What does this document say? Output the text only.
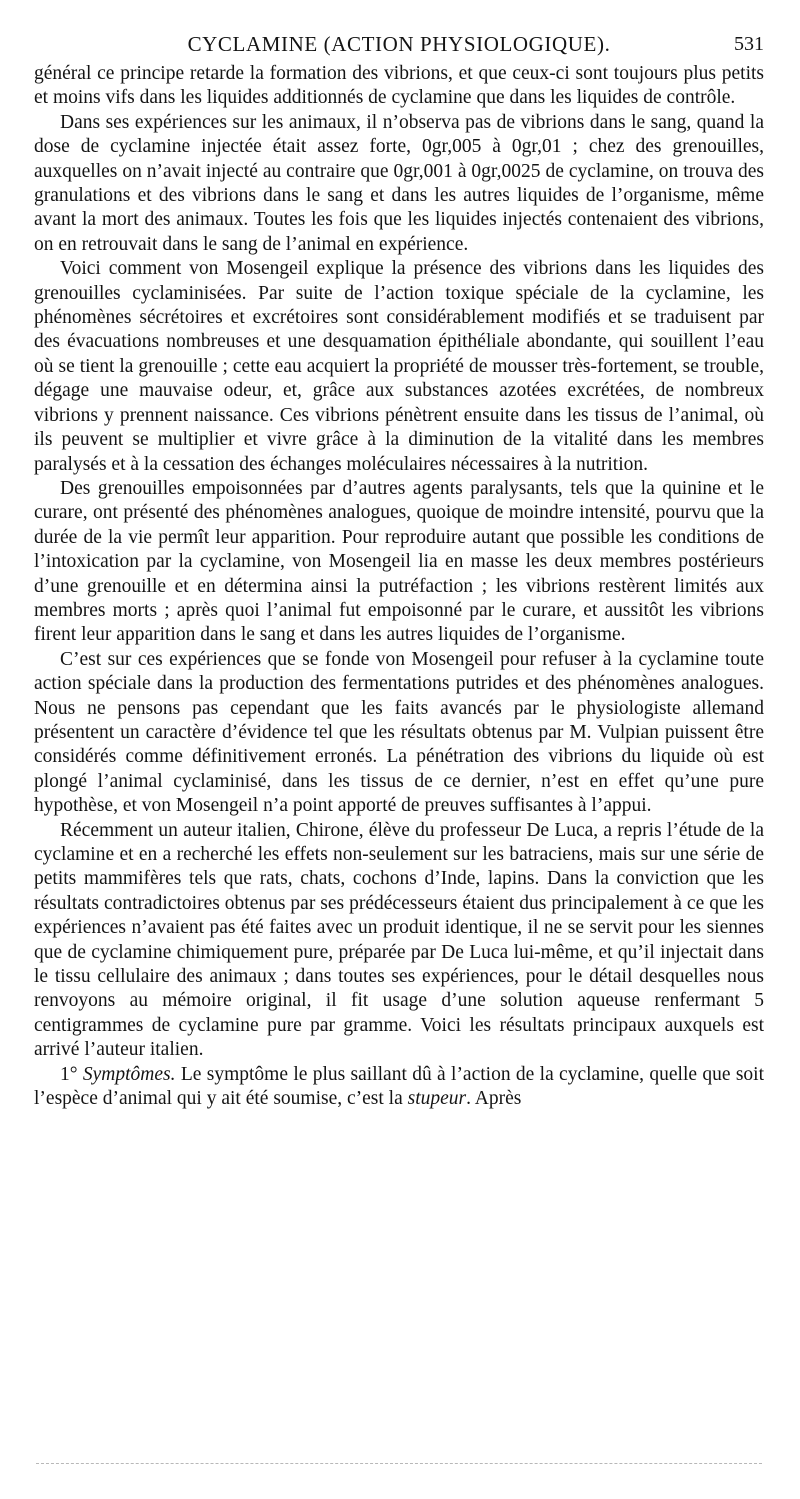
CYCLAMINE (ACTION PHYSIOLOGIQUE).	531

général ce principe retarde la formation des vibrions, et que ceux-ci sont toujours plus petits et moins vifs dans les liquides additionnés de cyclamine que dans les liquides de contrôle.

Dans ses expériences sur les animaux, il n’observa pas de vibrions dans le sang, quand la dose de cyclamine injectée était assez forte, 0gr,005 à 0gr,01 ; chez des grenouilles, auxquelles on n’avait injecté au contraire que 0gr,001 à 0gr,0025 de cyclamine, on trouva des granulations et des vibrions dans le sang et dans les autres liquides de l’organisme, même avant la mort des animaux. Toutes les fois que les liquides injectés contenaient des vibrions, on en retrouvait dans le sang de l’animal en expérience.

Voici comment von Mosengeil explique la présence des vibrions dans les liquides des grenouilles cyclaminisées. Par suite de l’action toxique spéciale de la cyclamine, les phénomènes sécrétoires et excrétoires sont considérablement modifiés et se traduisent par des évacuations nombreuses et une desquamation épithéliale abondante, qui souillent l’eau où se tient la grenouille ; cette eau acquiert la propriété de mousser très-fortement, se trouble, dégage une mauvaise odeur, et, grâce aux substances azotées excrétées, de nombreux vibrions y prennent naissance. Ces vibrions pénètrent ensuite dans les tissus de l’animal, où ils peuvent se multiplier et vivre grâce à la diminution de la vitalité dans les membres paralysés et à la cessation des échanges moléculaires nécessaires à la nutrition.

Des grenouilles empoisonnées par d’autres agents paralysants, tels que la quinine et le curare, ont présenté des phénomènes analogues, quoique de moindre intensité, pourvu que la durée de la vie permît leur apparition. Pour reproduire autant que possible les conditions de l’intoxication par la cyclamine, von Mosengeil lia en masse les deux membres postérieurs d’une grenouille et en détermina ainsi la putréfaction ; les vibrions restèrent limités aux membres morts ; après quoi l’animal fut empoisonné par le curare, et aussitôt les vibrions firent leur apparition dans le sang et dans les autres liquides de l’organisme.

C’est sur ces expériences que se fonde von Mosengeil pour refuser à la cyclamine toute action spéciale dans la production des fermentations putrides et des phénomènes analogues. Nous ne pensons pas cependant que les faits avancés par le physiologiste allemand présentent un caractère d’évidence tel que les résultats obtenus par M. Vulpian puissent être considérés comme définitivement erronés. La pénétration des vibrions du liquide où est plongé l’animal cyclaminisé, dans les tissus de ce dernier, n’est en effet qu’une pure hypothèse, et von Mosengeil n’a point apporté de preuves suffisantes à l’appui.

Récemment un auteur italien, Chirone, élève du professeur De Luca, a repris l’étude de la cyclamine et en a recherché les effets non-seulement sur les batraciens, mais sur une série de petits mammifères tels que rats, chats, cochons d’Inde, lapins. Dans la conviction que les résultats contradictoires obtenus par ses prédécesseurs étaient dus principalement à ce que les expériences n’avaient pas été faites avec un produit identique, il ne se servit pour les siennes que de cyclamine chimiquement pure, préparée par De Luca lui-même, et qu’il injectait dans le tissu cellulaire des animaux ; dans toutes ses expériences, pour le détail desquelles nous renvoyons au mémoire original, il fit usage d’une solution aqueuse renfermant 5 centigrammes de cyclamine pure par gramme. Voici les résultats principaux auxquels est arrivé l’auteur italien.

1° Symptômes. Le symptôme le plus saillant dû à l’action de la cyclamine, quelle que soit l’espèce d’animal qui y ait été soumise, c’est la stupeur. Après
